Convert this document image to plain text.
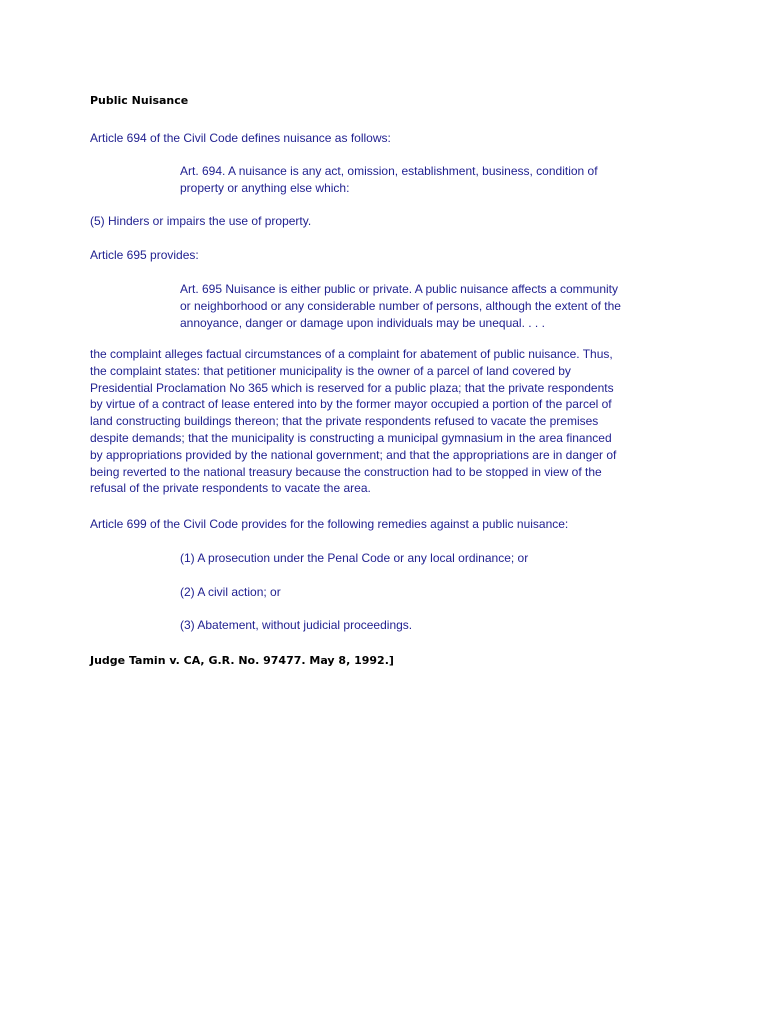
Public Nuisance

Article 694 of the Civil Code defines nuisance as follows:

Art. 694. A nuisance is any act, omission, establishment, business, condition of
property or anything else which:

(5) Hinders or impairs the use of property.

Article 695 provides:

Art. 695 Nuisance is either public or private. A public nuisance affects a community
or neighborhood or any considerable number of persons, although the extent of the
annoyance, danger or damage upon individuals may be unequal. . . .

the complaint alleges factual circumstances of a complaint for abatement of public nuisance. Thus,
the complaint states: that petitioner municipality is the owner of a parcel of land covered by
Presidential Proclamation No 365 which is reserved for a public plaza; that the private respondents
by virtue of a contract of lease entered into by the former mayor occupied a portion of the parcel of
land constructing buildings thereon; that the private respondents refused to vacate the premises
despite demands; that the municipality is constructing a municipal gymnasium in the area financed
by appropriations provided by the national government; and that the appropriations are in danger of
being reverted to the national treasury because the construction had to be stopped in view of the
refusal of the private respondents to vacate the area.

Article 699 of the Civil Code provides for the following remedies against a public nuisance:

(1) A prosecution under the Penal Code or any local ordinance; or

(2) A civil action; or

(3) Abatement, without judicial proceedings.

Judge Tamin v. CA, G.R. No. 97477. May 8, 1992.]
